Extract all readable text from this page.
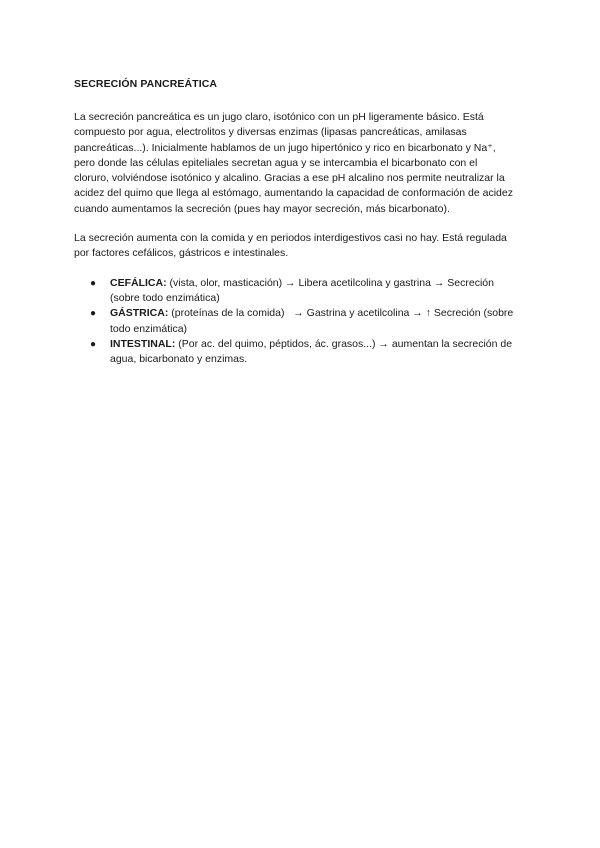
SECRECIÓN PANCREÁTICA

La secreción pancreática es un jugo claro, isotónico con un pH ligeramente básico. Está compuesto por agua, electrolitos y diversas enzimas (lipasas pancreáticas, amilasas pancreáticas...). Inicialmente hablamos de un jugo hipertónico y rico en bicarbonato y Na⁺, pero donde las células epiteliales secretan agua y se intercambia el bicarbonato con el cloruro, volviéndose isotónico y alcalino. Gracias a ese pH alcalino nos permite neutralizar la acidez del quimo que llega al estómago, aumentando la capacidad de conformación de acidez cuando aumentamos la secreción (pues hay mayor secreción, más bicarbonato).

La secreción aumenta con la comida y en periodos interdigestivos casi no hay. Está regulada por factores cefálicos, gástricos e intestinales.

● CEFÁLICA: (vista, olor, masticación) → Libera acetilcolina y gastrina → Secreción (sobre todo enzimática)
● GÁSTRICA: (proteínas de la comida)   → Gastrina y acetilcolina → ↑ Secreción (sobre todo enzimática)
● INTESTINAL: (Por ac. del quimo, péptidos, ác. grasos...) → aumentan la secreción de agua, bicarbonato y enzimas.
